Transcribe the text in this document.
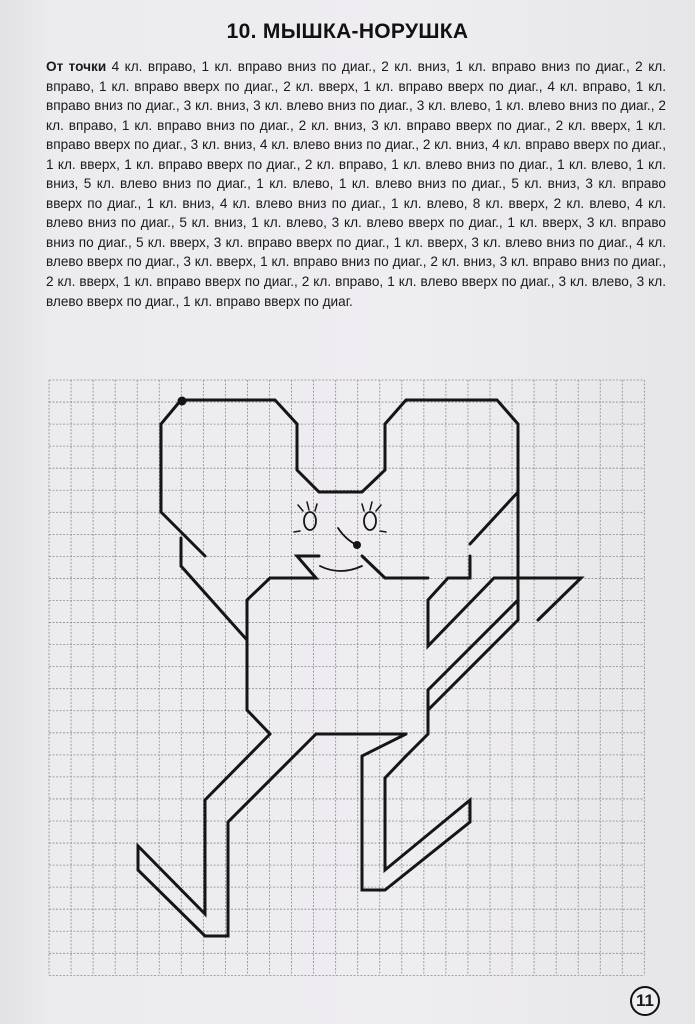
10. МЫШКА-НОРУШКА
От точки 4 кл. вправо, 1 кл. вправо вниз по диаг., 2 кл. вниз, 1 кл. вправо вниз по диаг., 2 кл. вправо, 1 кл. вправо вверх по диаг., 2 кл. вверх, 1 кл. вправо вверх по диаг., 4 кл. вправо, 1 кл. вправо вниз по диаг., 3 кл. вниз, 3 кл. влево вниз по диаг., 3 кл. влево, 1 кл. влево вниз по диаг., 2 кл. вправо, 1 кл. вправо вниз по диаг., 2 кл. вниз, 3 кл. вправо вверх по диаг., 2 кл. вверх, 1 кл. вправо вверх по диаг., 3 кл. вниз, 4 кл. влево вниз по диаг., 2 кл. вниз, 4 кл. вправо вверх по диаг., 1 кл. вверх, 1 кл. вправо вверх по диаг., 2 кл. вправо, 1 кл. влево вниз по диаг., 1 кл. влево, 1 кл. вниз, 5 кл. влево вниз по диаг., 1 кл. влево, 1 кл. влево вниз по диаг., 5 кл. вниз, 3 кл. вправо вверх по диаг., 1 кл. вниз, 4 кл. влево вниз по диаг., 1 кл. влево, 8 кл. вверх, 2 кл. влево, 4 кл. влево вниз по диаг., 5 кл. вниз, 1 кл. влево, 3 кл. влево вверх по диаг., 1 кл. вверх, 3 кл. вправо вниз по диаг., 5 кл. вверх, 3 кл. вправо вверх по диаг., 1 кл. вверх, 3 кл. влево вниз по диаг., 4 кл. влево вверх по диаг., 3 кл. вверх, 1 кл. вправо вниз по диаг., 2 кл. вниз, 3 кл. вправо вниз по диаг., 2 кл. вверх, 1 кл. вправо вверх по диаг., 2 кл. вправо, 1 кл. влево вверх по диаг., 3 кл. влево, 3 кл. влево вверх по диаг., 1 кл. вправо вверх по диаг.
11
